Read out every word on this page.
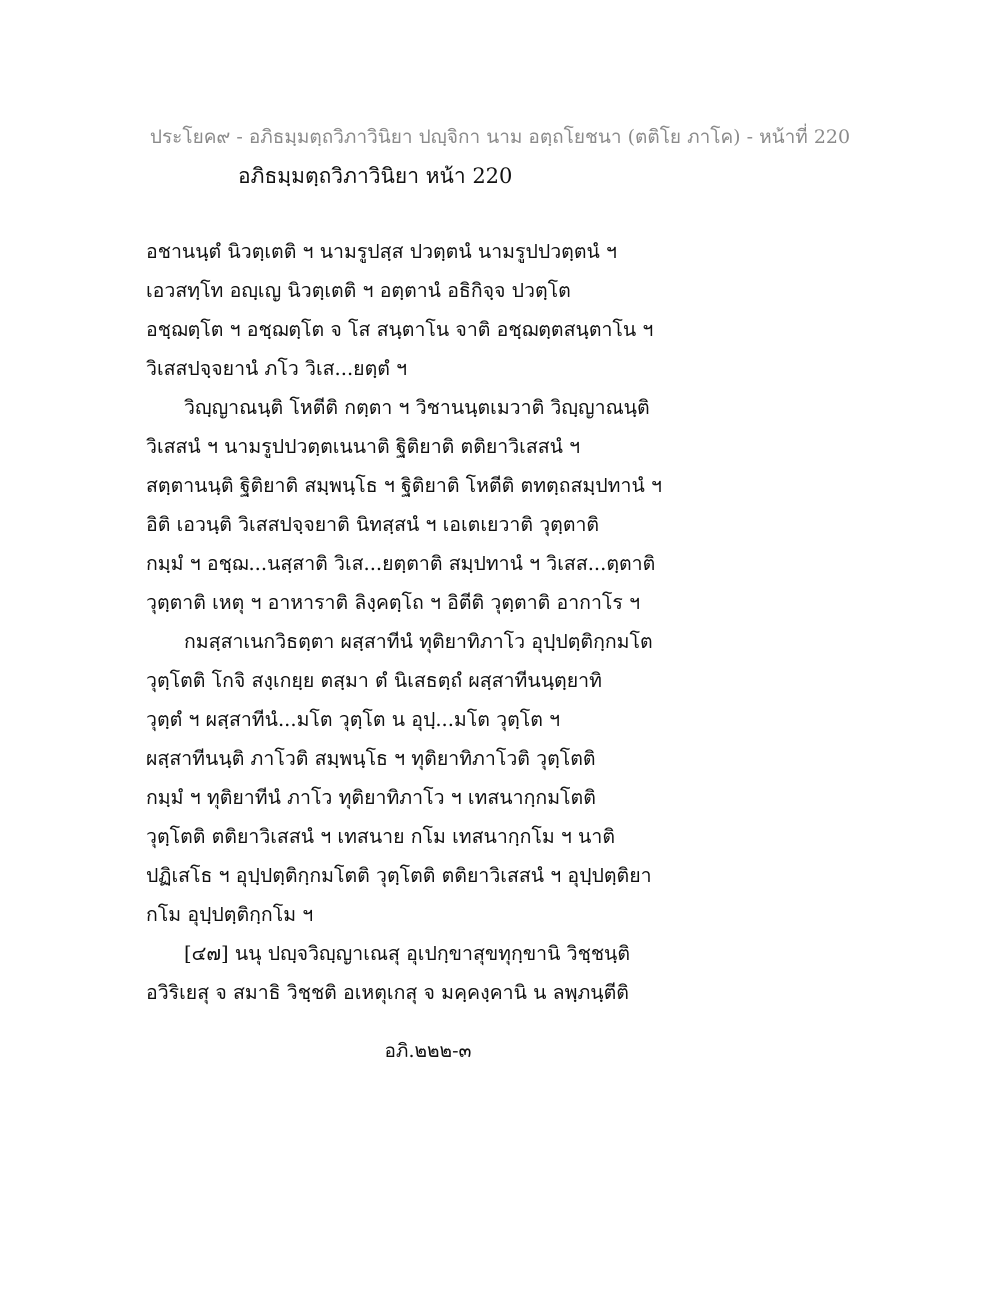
ประโยค๙ - อภิธมฺมตฺถวิภาวินิยา ปญฺจิกา นาม อตฺถโยชนา (ตติโย ภาโค) - หน้าที่ 220
อภิธมฺมตฺถวิภาวินิยา หน้า 220
อชานนฺตํ นิวตฺเตติ ฯ นามรูปสฺส ปวตฺตนํ นามรูปปวตฺตนํ ฯ
เอวสทฺโท อญฺเญ นิวตฺเตติ ฯ อตฺตานํ อธิกิจฺจ ปวตฺโต
อชฺฌตฺโต ฯ อชฺฌตฺโต จ โส สนฺตาโน จาติ อชฺฌตฺตสนฺตาโน ฯ
วิเสสปจฺจยานํ ภโว วิเส...ยตฺตํ ฯ
วิญฺญาณนฺติ โหตีติ กตฺตา ฯ วิชานนฺตเมวาติ วิญฺญาณนฺติ
วิเสสนํ ฯ นามรูปปวตฺตเนนาติ ฐิติยาติ ตติยาวิเสสนํ ฯ
สตฺตานนฺติ ฐิติยาติ สมฺพนฺโธ ฯ ฐิติยาติ โหตีติ ตทตฺถสมฺปทานํ ฯ
อิติ เอวนฺติ วิเสสปจฺจยาติ นิทสฺสนํ ฯ เอเตเยวาติ วุตฺตาติ
กมฺมํ ฯ อชฺฌ...นสฺสาติ วิเส...ยตฺตาติ สมฺปทานํ ฯ วิเสส...ตฺตาติ
วุตฺตาติ เหตุ ฯ อาหาราติ ลิงฺคตฺโถ ฯ อิตีติ วุตฺตาติ อากาโร ฯ
กมสฺสาเนกวิธตฺตา ผสฺสาทีนํ ทุติยาทิภาโว อุปฺปตฺติกฺกมโต
วุตฺโตติ โกจิ สงฺเกยฺย ตสฺมา ตํ นิเสธตฺถํ ผสฺสาทีนนฺตฺยาทิ
วุตฺตํ ฯ ผสฺสาทีนํ...มโต วุตฺโต น อุปฺ...มโต วุตฺโต ฯ
ผสฺสาทีนนฺติ ภาโวติ สมฺพนฺโธ ฯ ทุติยาทิภาโวติ วุตฺโตติ
กมฺมํ ฯ ทุติยาทีนํ ภาโว ทุติยาทิภาโว ฯ เทสนากฺกมโตติ
วุตฺโตติ ตติยาวิเสสนํ ฯ เทสนาย กโม เทสนากฺกโม ฯ นาติ
ปฏิเสโธ ฯ อุปฺปตฺติกฺกมโตติ วุตฺโตติ ตติยาวิเสสนํ ฯ อุปฺปตฺติยา
กโม อุปฺปตฺติกฺกโม ฯ
[๔๗] นนุ ปญฺจวิญฺญาเณสุ อุเปกฺขาสุขทุกฺขานิ วิชฺชนฺติ
อวิริเยสุ จ สมาธิ วิชฺชติ อเหตุเกสุ จ มคฺคงฺคานิ น ลพฺภนฺตีติ
อภิ.๒๒๒-๓
